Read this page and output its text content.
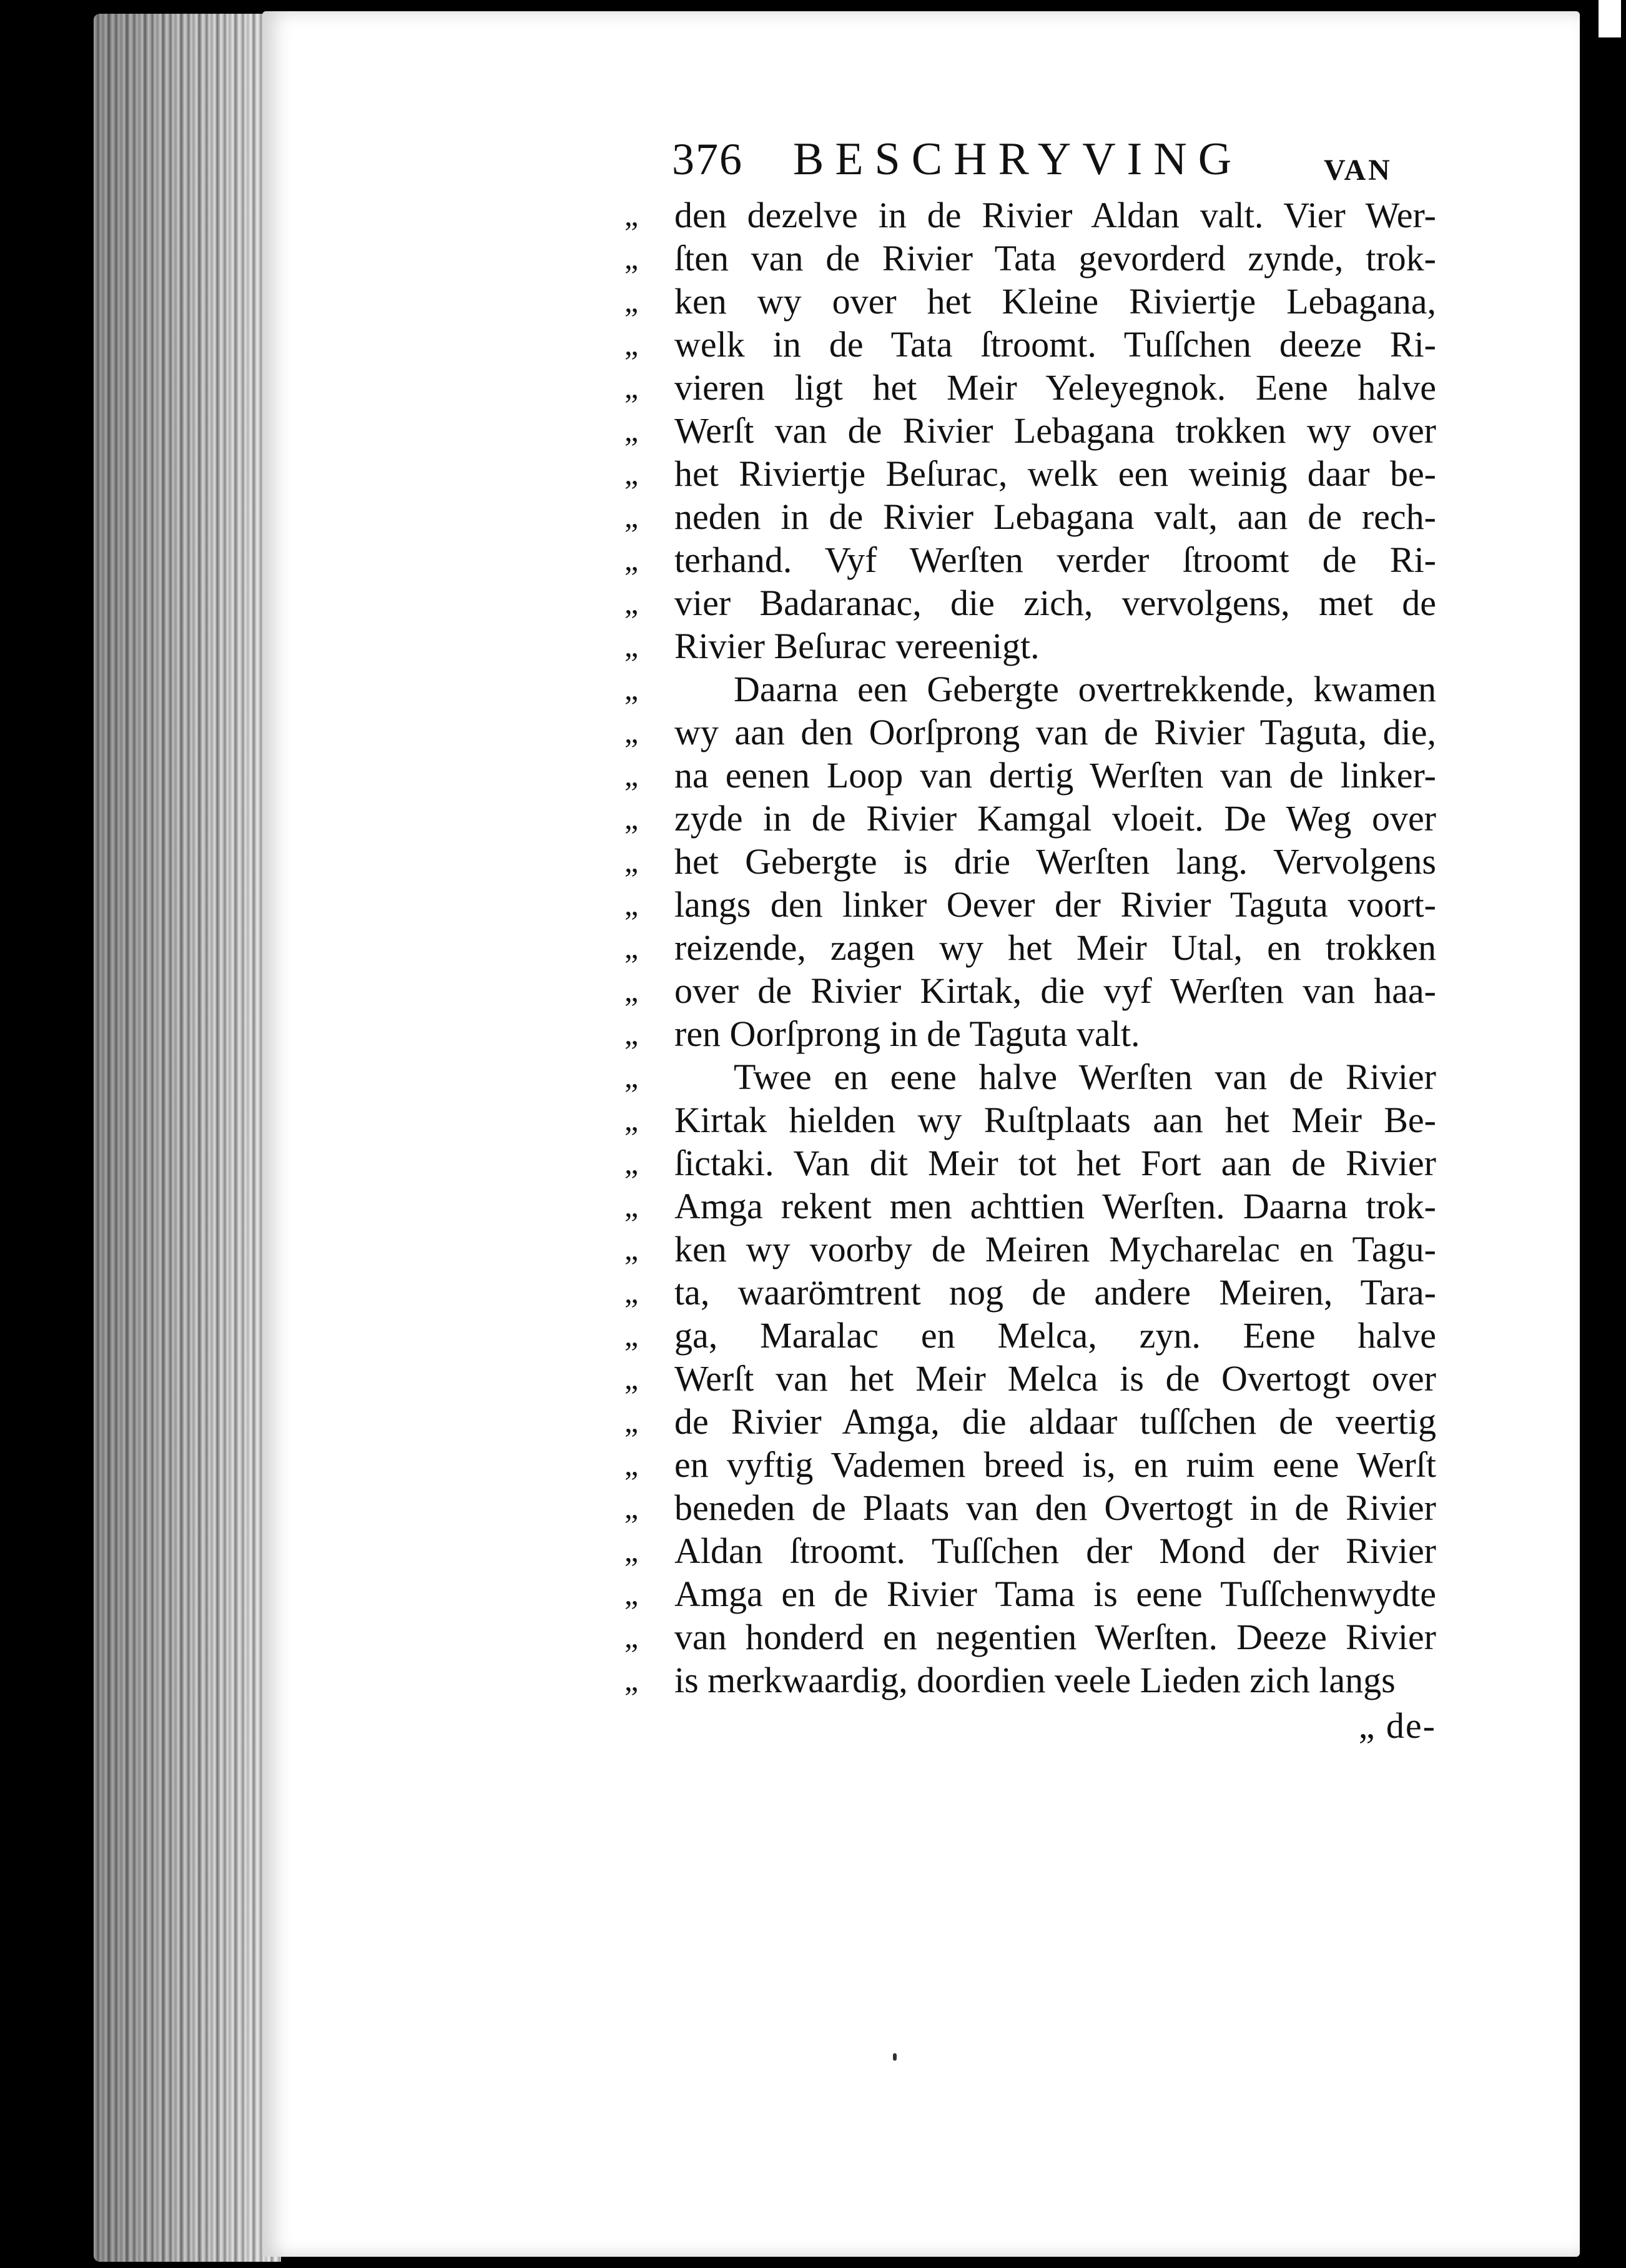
376 BESCHRYVING	VAN
„ den dezelve in de Rivier Aldan valt. Vier Wer-
„ ſten van de Rivier Tata gevorderd zynde, trok-
„ ken wy over het Kleine Riviertje Lebagana,
„ welk in de Tata ſtroomt. Tuſſchen deeze Ri-
„ vieren ligt het Meir Yeleyegnok. Eene halve
„ Werſt van de Rivier Lebagana trokken wy over
„ het Riviertje Beſurac, welk een weinig daar be-
„ neden in de Rivier Lebagana valt, aan de rech-
„ terhand. Vyf Werſten verder ſtroomt de Ri-
„ vier Badaranac, die zich, vervolgens, met de
„ Rivier Beſurac vereenigt.
„	Daarna een Gebergte overtrekkende, kwamen
„ wy aan den Oorſprong van de Rivier Taguta, die,
„ na eenen Loop van dertig Werſten van de linker-
„ zyde in de Rivier Kamgal vloeit. De Weg over
„ het Gebergte is drie Werſten lang. Vervolgens
„ langs den linker Oever der Rivier Taguta voort-
„ reizende, zagen wy het Meir Utal, en trokken
„ over de Rivier Kirtak, die vyf Werſten van haa-
„ ren Oorſprong in de Taguta valt.
„	Twee en eene halve Werſten van de Rivier
„ Kirtak hielden wy Ruſtplaats aan het Meir Be-
„ ſictaki. Van dit Meir tot het Fort aan de Rivier
„ Amga rekent men achttien Werſten. Daarna trok-
„ ken wy voorby de Meiren Mycharelac en Tagu-
„ ta, waarömtrent nog de andere Meiren, Tara-
„ ga, Maralac en Melca, zyn. Eene halve
„ Werſt van het Meir Melca is de Overtogt over
„ de Rivier Amga, die aldaar tuſſchen de veertig
„ en vyftig Vademen breed is, en ruim eene Werſt
„ beneden de Plaats van den Overtogt in de Rivier
„ Aldan ſtroomt. Tuſſchen der Mond der Rivier
„ Amga en de Rivier Tama is eene Tuſſchenwydte
„ van honderd en negentien Werſten. Deeze Rivier
„ is merkwaardig, doordien veele Lieden zich langs
„ de-
